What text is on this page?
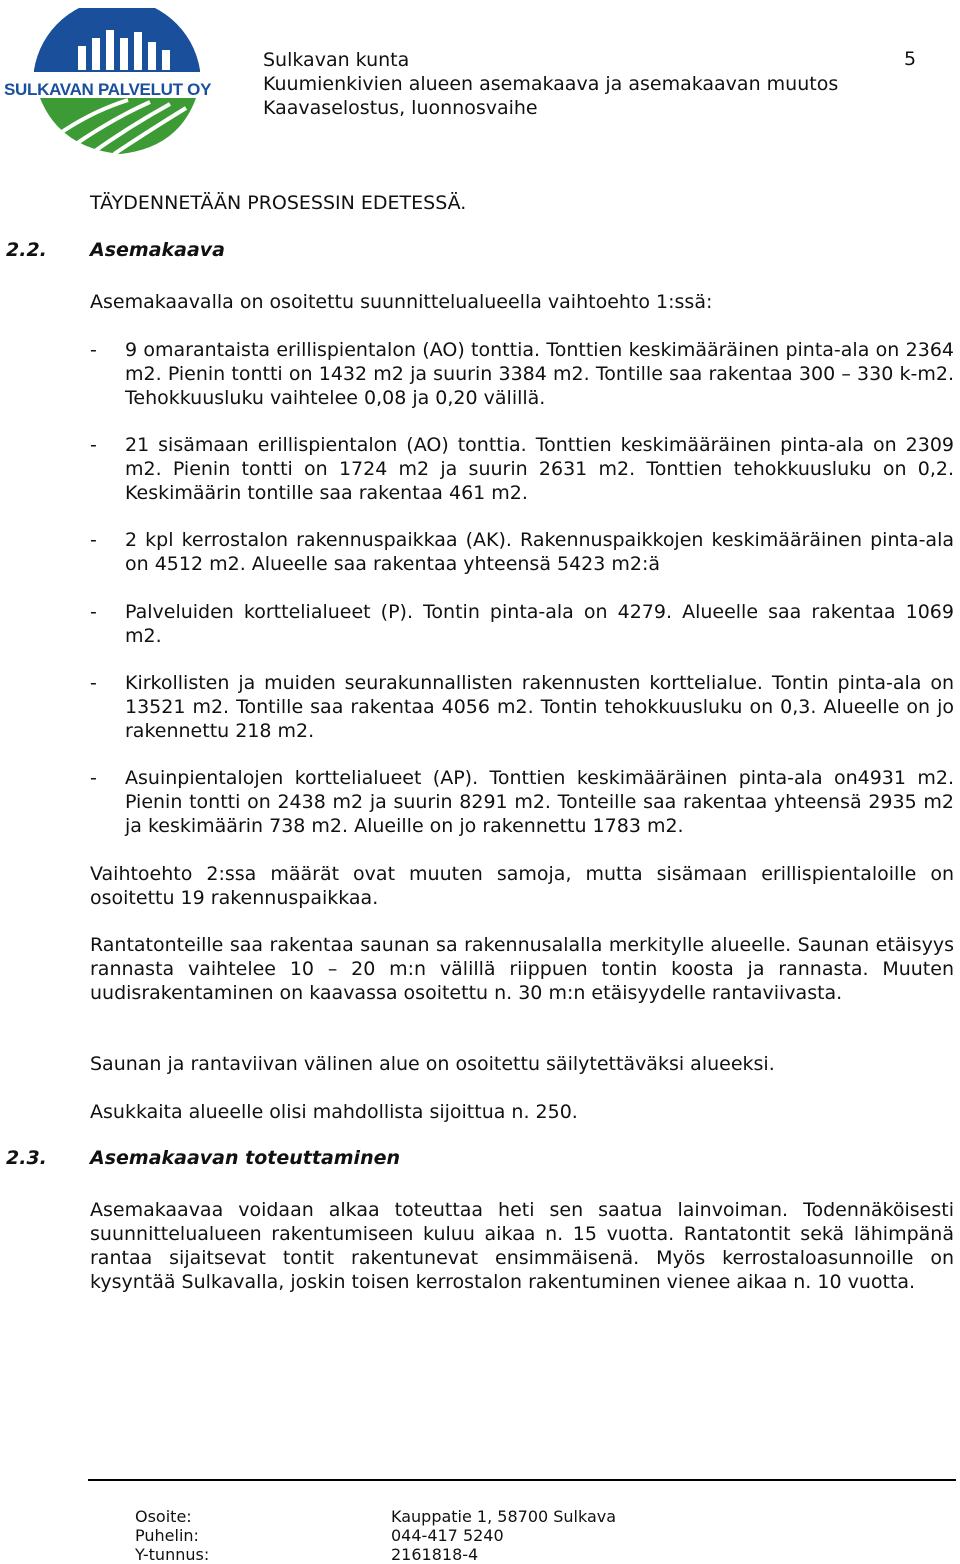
SULKAVAN PALVELUT OY
Sulkavan kunta
Kuumienkivien alueen asemakaava ja asemakaavan muutos
Kaavaselostus, luonnosvaihe
5
TÄYDENNETÄÄN PROSESSIN EDETESSÄ.
2.2. Asemakaava
Asemakaavalla on osoitettu suunnittelualueella vaihtoehto 1:ssä:
- 9 omarantaista erillispientalon (AO) tonttia. Tonttien keskimääräinen pinta-ala on 2364 m2. Pienin tontti on 1432 m2 ja suurin 3384 m2. Tontille saa rakentaa 300 – 330 k-m2. Tehokkuusluku vaihtelee 0,08 ja 0,20 välillä.
- 21 sisämaan erillispientalon (AO) tonttia. Tonttien keskimääräinen pinta-ala on 2309 m2. Pienin tontti on 1724 m2 ja suurin 2631 m2. Tonttien tehokkuusluku on 0,2. Keskimäärin tontille saa rakentaa 461 m2.
- 2 kpl kerrostalon rakennuspaikkaa (AK). Rakennuspaikkojen keskimääräinen pinta-ala on 4512 m2. Alueelle saa rakentaa yhteensä 5423 m2:ä
- Palveluiden korttelialueet (P). Tontin pinta-ala on 4279. Alueelle saa rakentaa 1069 m2.
- Kirkollisten ja muiden seurakunnallisten rakennusten korttelialue. Tontin pinta-ala on 13521 m2. Tontille saa rakentaa 4056 m2. Tontin tehokkuusluku on 0,3. Alueelle on jo rakennettu 218 m2.
- Asuinpientalojen korttelialueet (AP). Tonttien keskimääräinen pinta-ala on4931 m2. Pienin tontti on 2438 m2 ja suurin 8291 m2. Tonteille saa rakentaa yhteensä 2935 m2 ja keskimäärin 738 m2. Alueille on jo rakennettu 1783 m2.
Vaihtoehto 2:ssa määrät ovat muuten samoja, mutta sisämaan erillispientaloille on osoitettu 19 rakennuspaikkaa.
Rantatonteille saa rakentaa saunan sa rakennusalalla merkitylle alueelle. Saunan etäisyys rannasta vaihtelee 10 – 20 m:n välillä riippuen tontin koosta ja rannasta. Muuten uudisrakentaminen on kaavassa osoitettu n. 30 m:n etäisyydelle rantaviivasta.
Saunan ja rantaviivan välinen alue on osoitettu säilytettäväksi alueeksi.
Asukkaita alueelle olisi mahdollista sijoittua n. 250.
2.3. Asemakaavan toteuttaminen
Asemakaavaa voidaan alkaa toteuttaa heti sen saatua lainvoiman. Todennäköisesti suunnittelualueen rakentumiseen kuluu aikaa n. 15 vuotta. Rantatontit sekä lähimpänä rantaa sijaitsevat tontit rakentunevat ensimmäisenä. Myös kerrostaloasunnoille on kysyntää Sulkavalla, joskin toisen kerrostalon rakentuminen vienee aikaa n. 10 vuotta.
Osoite:	Kauppatie 1, 58700 Sulkava
Puhelin:	044-417 5240
Y-tunnus:	2161818-4
